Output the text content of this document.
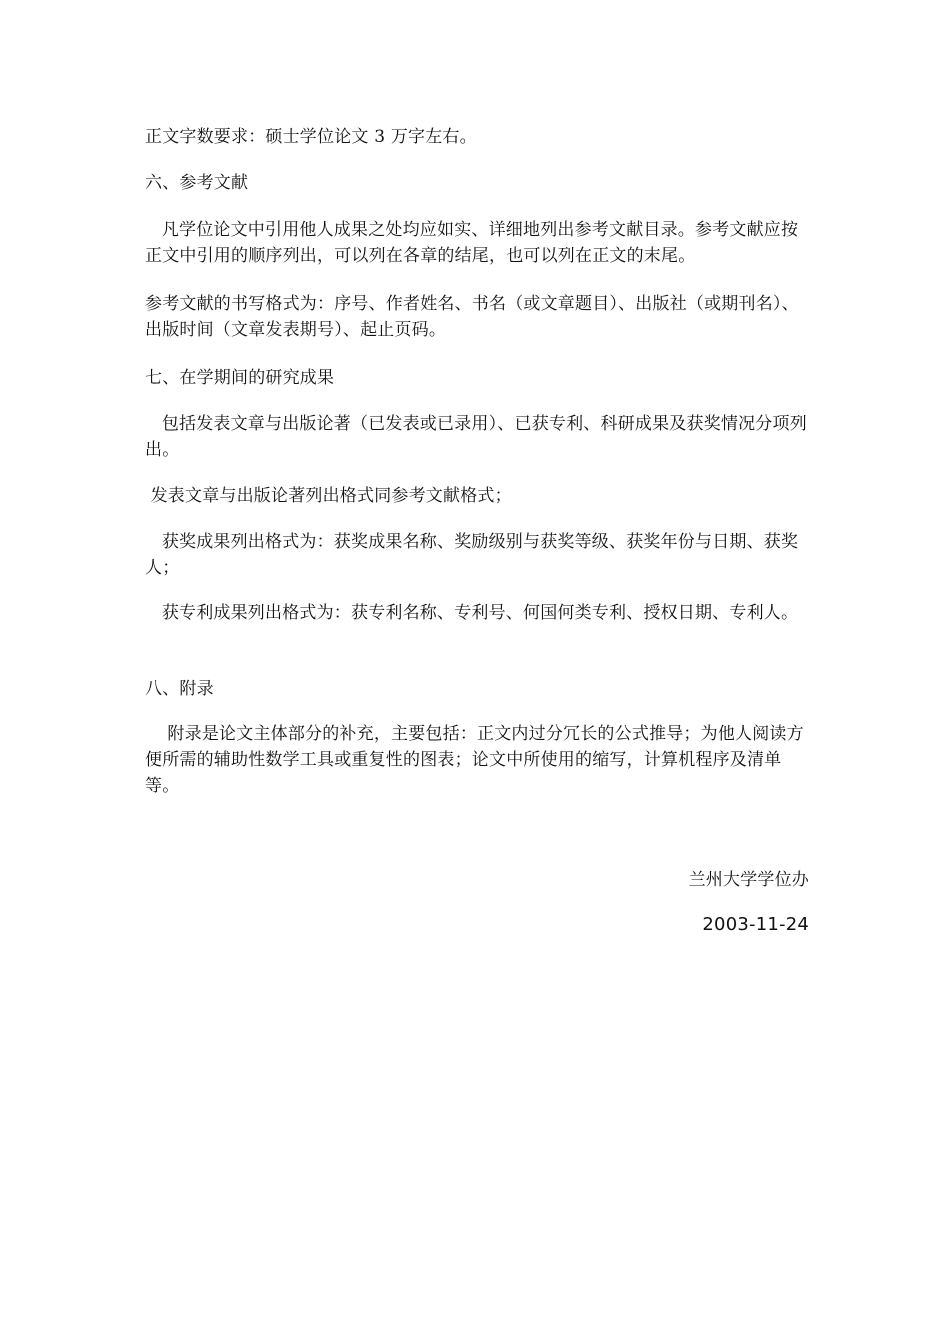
正文字数要求：硕士学位论文 3 万字左右。

六、参考文献

凡学位论文中引用他人成果之处均应如实、详细地列出参考文献目录。参考文献应按正文中引用的顺序列出，可以列在各章的结尾，也可以列在正文的末尾。

参考文献的书写格式为：序号、作者姓名、书名（或文章题目）、出版社（或期刊名）、出版时间（文章发表期号）、起止页码。

七、在学期间的研究成果

包括发表文章与出版论著（已发表或已录用）、已获专利、科研成果及获奖情况分项列出。

发表文章与出版论著列出格式同参考文献格式；

获奖成果列出格式为：获奖成果名称、奖励级别与获奖等级、获奖年份与日期、获奖人；

获专利成果列出格式为：获专利名称、专利号、何国何类专利、授权日期、专利人。

八、附录

附录是论文主体部分的补充，主要包括：正文内过分冗长的公式推导；为他人阅读方便所需的辅助性数学工具或重复性的图表；论文中所使用的缩写，计算机程序及清单等。

兰州大学学位办

2003-11-24
